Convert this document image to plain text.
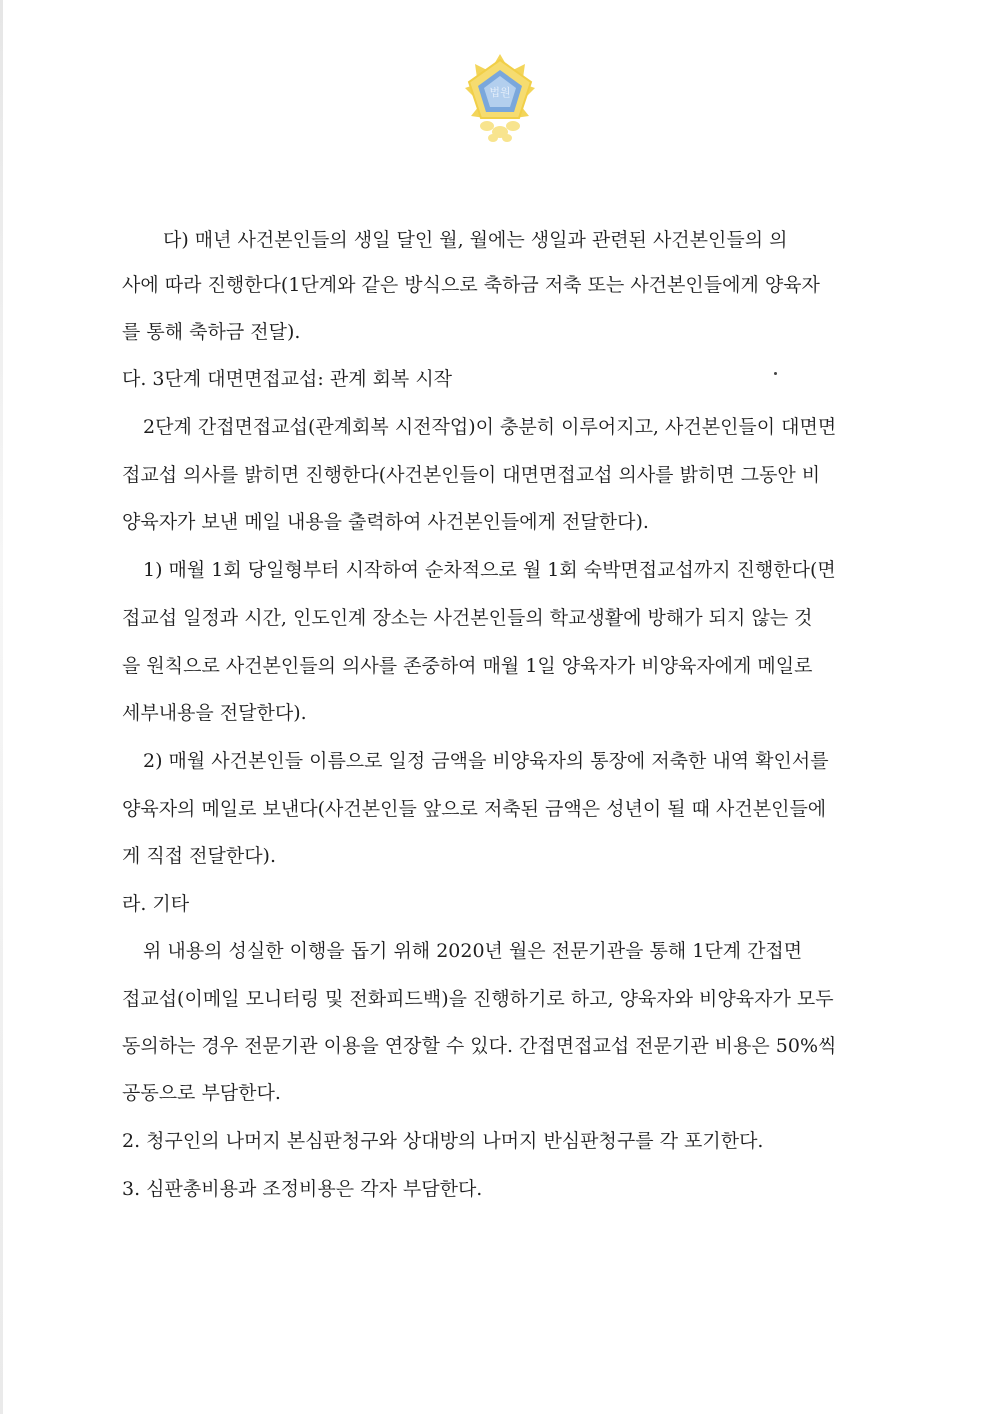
법원
다) 매년 사건본인들의 생일 달인 월, 월에는 생일과 관련된 사건본인들의 의
사에 따라 진행한다(1단계와 같은 방식으로 축하금 저축 또는 사건본인들에게 양육자
를 통해 축하금 전달).
다. 3단계 대면면접교섭: 관계 회복 시작
2단계 간접면접교섭(관계회복 시전작업)이 충분히 이루어지고, 사건본인들이 대면면
접교섭 의사를 밝히면 진행한다(사건본인들이 대면면접교섭 의사를 밝히면 그동안 비
양육자가 보낸 메일 내용을 출력하여 사건본인들에게 전달한다).
1) 매월 1회 당일형부터 시작하여 순차적으로 월 1회 숙박면접교섭까지 진행한다(면
접교섭 일정과 시간, 인도인계 장소는 사건본인들의 학교생활에 방해가 되지 않는 것
을 원칙으로 사건본인들의 의사를 존중하여 매월 1일 양육자가 비양육자에게 메일로
세부내용을 전달한다).
2) 매월 사건본인들 이름으로 일정 금액을 비양육자의 통장에 저축한 내역 확인서를
양육자의 메일로 보낸다(사건본인들 앞으로 저축된 금액은 성년이 될 때 사건본인들에
게 직접 전달한다).
라. 기타
위 내용의 성실한 이행을 돕기 위해 2020년 월은 전문기관을 통해 1단계 간접면
접교섭(이메일 모니터링 및 전화피드백)을 진행하기로 하고, 양육자와 비양육자가 모두
동의하는 경우 전문기관 이용을 연장할 수 있다. 간접면접교섭 전문기관 비용은 50%씩
공동으로 부담한다.
2. 청구인의 나머지 본심판청구와 상대방의 나머지 반심판청구를 각 포기한다.
3. 심판총비용과 조정비용은 각자 부담한다.
